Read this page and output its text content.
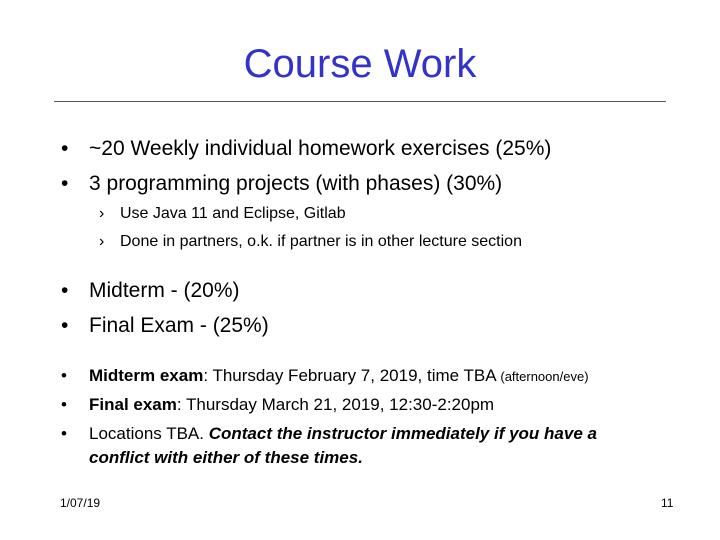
Course Work
• ~20 Weekly individual homework exercises (25%)
• 3 programming projects (with phases) (30%)
› Use Java 11 and Eclipse, Gitlab
› Done in partners, o.k. if partner is in other lecture section
• Midterm - (20%)
• Final Exam - (25%)
• Midterm exam: Thursday February 7, 2019, time TBA (afternoon/eve)
• Final exam: Thursday March 21, 2019, 12:30-2:20pm
• Locations TBA. Contact the instructor immediately if you have a
conflict with either of these times.
1/07/19	11
